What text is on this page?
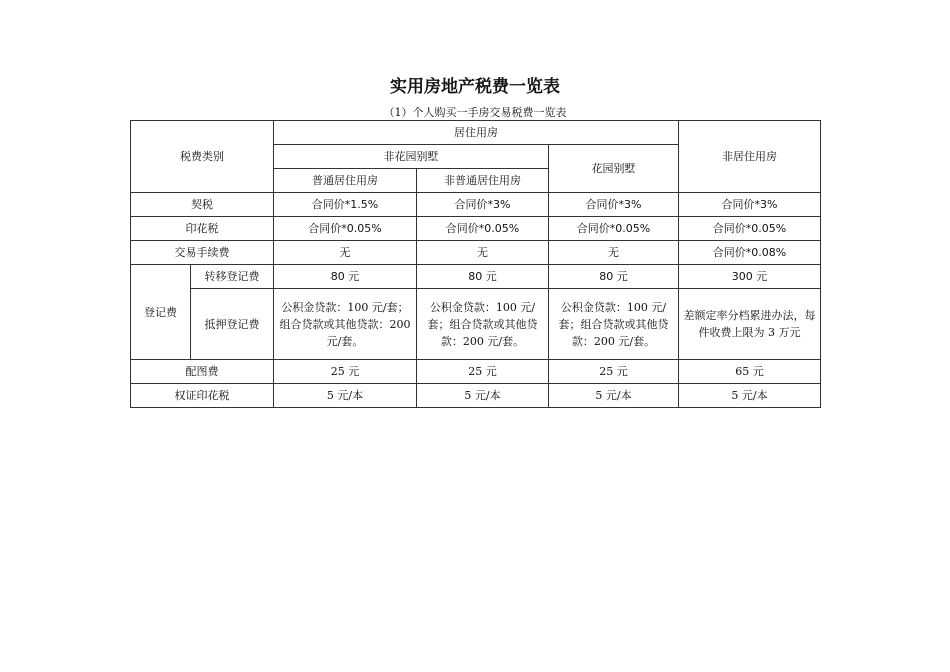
实用房地产税费一览表
（1）个人购买一手房交易税费一览表
税费类别		居住用房			非居住用房
		非花园别墅		花园别墅	
		普通居住用房	非普通居住用房		
契税		合同价*1.5%	合同价*3%	合同价*3%	合同价*3%
印花税		合同价*0.05%	合同价*0.05%	合同价*0.05%	合同价*0.05%
交易手续费		无	无	无	合同价*0.08%
登记费	转移登记费	80 元	80 元	80 元	300 元
	抵押登记费	公积金贷款：100 元/套；组合贷款或其他贷款：200 元/套。	公积金贷款：100 元/套；组合贷款或其他贷款：200 元/套。	公积金贷款：100 元/套；组合贷款或其他贷款：200 元/套。	差额定率分档累进办法，每件收费上限为 3 万元
配图费		25 元	25 元	25 元	65 元
权证印花税		5 元/本	5 元/本	5 元/本	5 元/本
